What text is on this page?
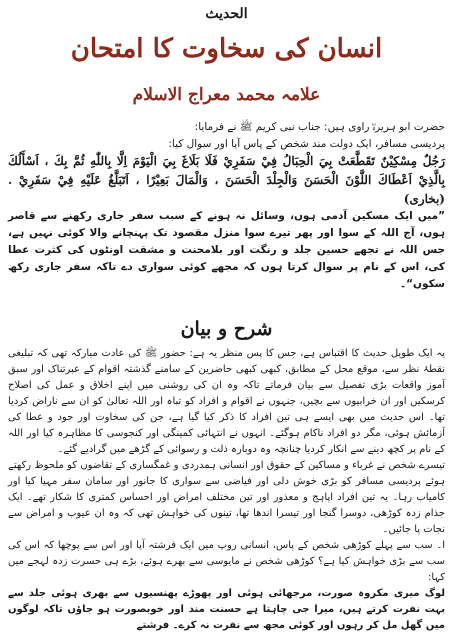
الحدیث
انسان کی سخاوت کا امتحان
علامہ محمد معراج الاسلام

حضرت ابو ہریرہؓ راوی ہیں: جناب نبی کریم ﷺ نے فرمایا:

پردیسی مسافر، ایک دولت مند شخص کے پاس آیا اور سوال کیا:

رَجُلٌ مِسْكِيْنٌ تَقَطَّعَتْ بِيَ الْحِبَالُ فِيْ سَفَرِيْ فَلَا بَلَاغَ بِيَ الْيَوْمَ اِلَّا بِاللّٰهِ ثُمَّ بِكَ ، اَسْأَلُكَ بِالَّذِيْ اَعْطَاكَ اللَّوْنَ الْحَسَنَ وَالْجِلْدَ الْحَسَنَ ، وَالْمَالَ بَعِيْرًا ، اَتَبَلَّغُ عَلَيْهِ فِيْ سَفَرِيْ . (بخاری)

”میں ایک مسکین آدمی ہوں، وسائل نہ ہونے کے سبب سفر جاری رکھنے سے قاصر ہوں، آج اللہ کے سوا اور پھر تیرے سوا منزل مقصود تک پہنچانے والا کوئی نہیں ہے، جس اللہ نے تجھے حسین جلد و رنگت اور بلامحنت و مشقت اونٹوں کی کثرت عطا کی، اس کے نام پر سوال کرتا ہوں کہ مجھے کوئی سواری دے تاکہ سفر جاری رکھ سکوں“۔

شرح و بیان

یہ ایک طویل حدیث کا اقتباس ہے، جس کا پس منظر یہ ہے: حضور ﷺ کی عادت مبارکہ تھی کہ تبلیغی نقطۂ نظر سے، موقع محل کے مطابق، کبھی کبھی حاضرین کے سامنے گذشتہ اقوام کے عبرتناک اور سبق آموز واقعات بڑی تفصیل سے بیان فرماتے تاکہ وہ ان کی روشنی میں اپنے اخلاق و عمل کی اصلاح کرسکیں اور ان خرابیوں سے بچیں، جنہوں نے اقوام و افراد کو تباہ اور اللہ تعالیٰ کو ان سے ناراض کردیا تھا۔ اس حدیث میں بھی ایسے ہی تین افراد کا ذکر کیا گیا ہے، جن کی سخاوت اور جود و عطا کی آزمائش ہوئی، مگر دو افراد ناکام ہوگئے۔ انہوں نے انتہائی کمینگی اور کنجوسی کا مظاہرہ کیا اور اللہ کے نام پر کچھ دینے سے انکار کردیا چنانچہ وہ دوبارہ ذلت و رسوائی کے گڑھے میں گرادیے گئے۔

تیسرے شخص نے غرباء و مساکین کے حقوق اور انسانی ہمدردی و غمگساری کے تقاضوں کو ملحوظ رکھتے ہوئے پردیسی مسافر کو بڑی خوش دلی اور فیاضی سے سواری کا جانور اور سامان سفر مہیا کیا اور کامیاب رہا۔ یہ تین افراد اپاہج و معذور اور تین مختلف امراض اور احساس کمتری کا شکار تھے۔ ایک جذام زدہ کوڑھی، دوسرا گنجا اور تیسرا اندھا تھا، تینوں کی خواہش تھی کہ وہ ان عیوب و امراض سے نجات پا جائیں۔

ا۔ سب سے پہلے کوڑھی شخص کے پاس، انسانی روپ میں ایک فرشتہ آیا اور اس سے پوچھا کہ اس کی سب سے بڑی خواہش کیا ہے؟ کوڑھی شخص نے مایوسی سے بھرے ہوئے، بڑے ہی حسرت زدہ لہجے میں کہا:

لوگ میری مکروہ صورت، مرجھائی ہوئی اور پھوڑے پھنسیوں سے بھری ہوئی جلد سے بہت نفرت کرتے ہیں، میرا جی چاہتا ہے حسنت مند اور خوبصورت ہو جاؤں تاکہ لوگوں میں گھل مل کر رہوں اور کوئی مجھ سے نفرت نہ کرے۔ فرشتے
